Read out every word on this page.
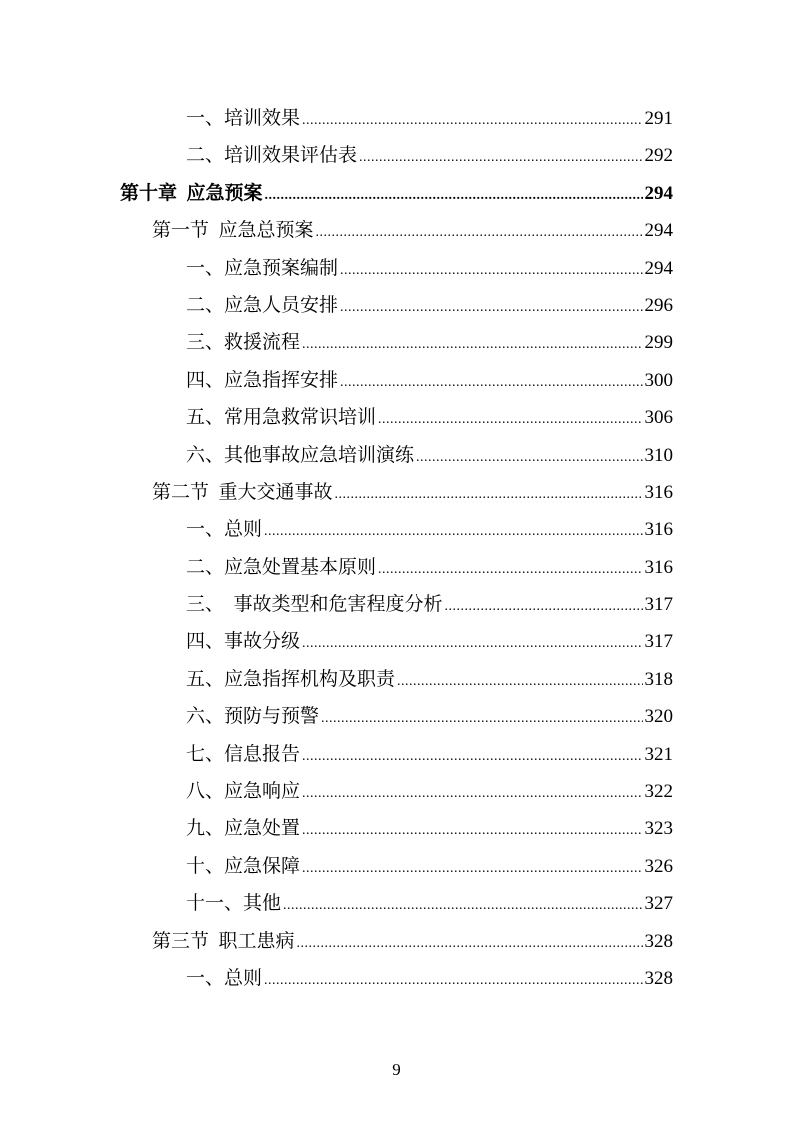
一、培训效果 .....	291
二、培训效果评估表 .....	292
第十章  应急预案 .....	294
第一节  应急总预案 .....	294
一、应急预案编制 .....	294
二、应急人员安排 .....	296
三、救援流程 .....	299
四、应急指挥安排 .....	300
五、常用急救常识培训 .....	306
六、其他事故应急培训演练 .....	310
第二节  重大交通事故 .....	316
一、总则 .....	316
二、应急处置基本原则 .....	316
三、  事故类型和危害程度分析 .....	317
四、事故分级 .....	317
五、应急指挥机构及职责 .....	318
六、预防与预警 .....	320
七、信息报告 .....	321
八、应急响应 .....	322
九、应急处置 .....	323
十、应急保障 .....	326
十一、其他 .....	327
第三节  职工患病 .....	328
一、总则 .....	328
9
